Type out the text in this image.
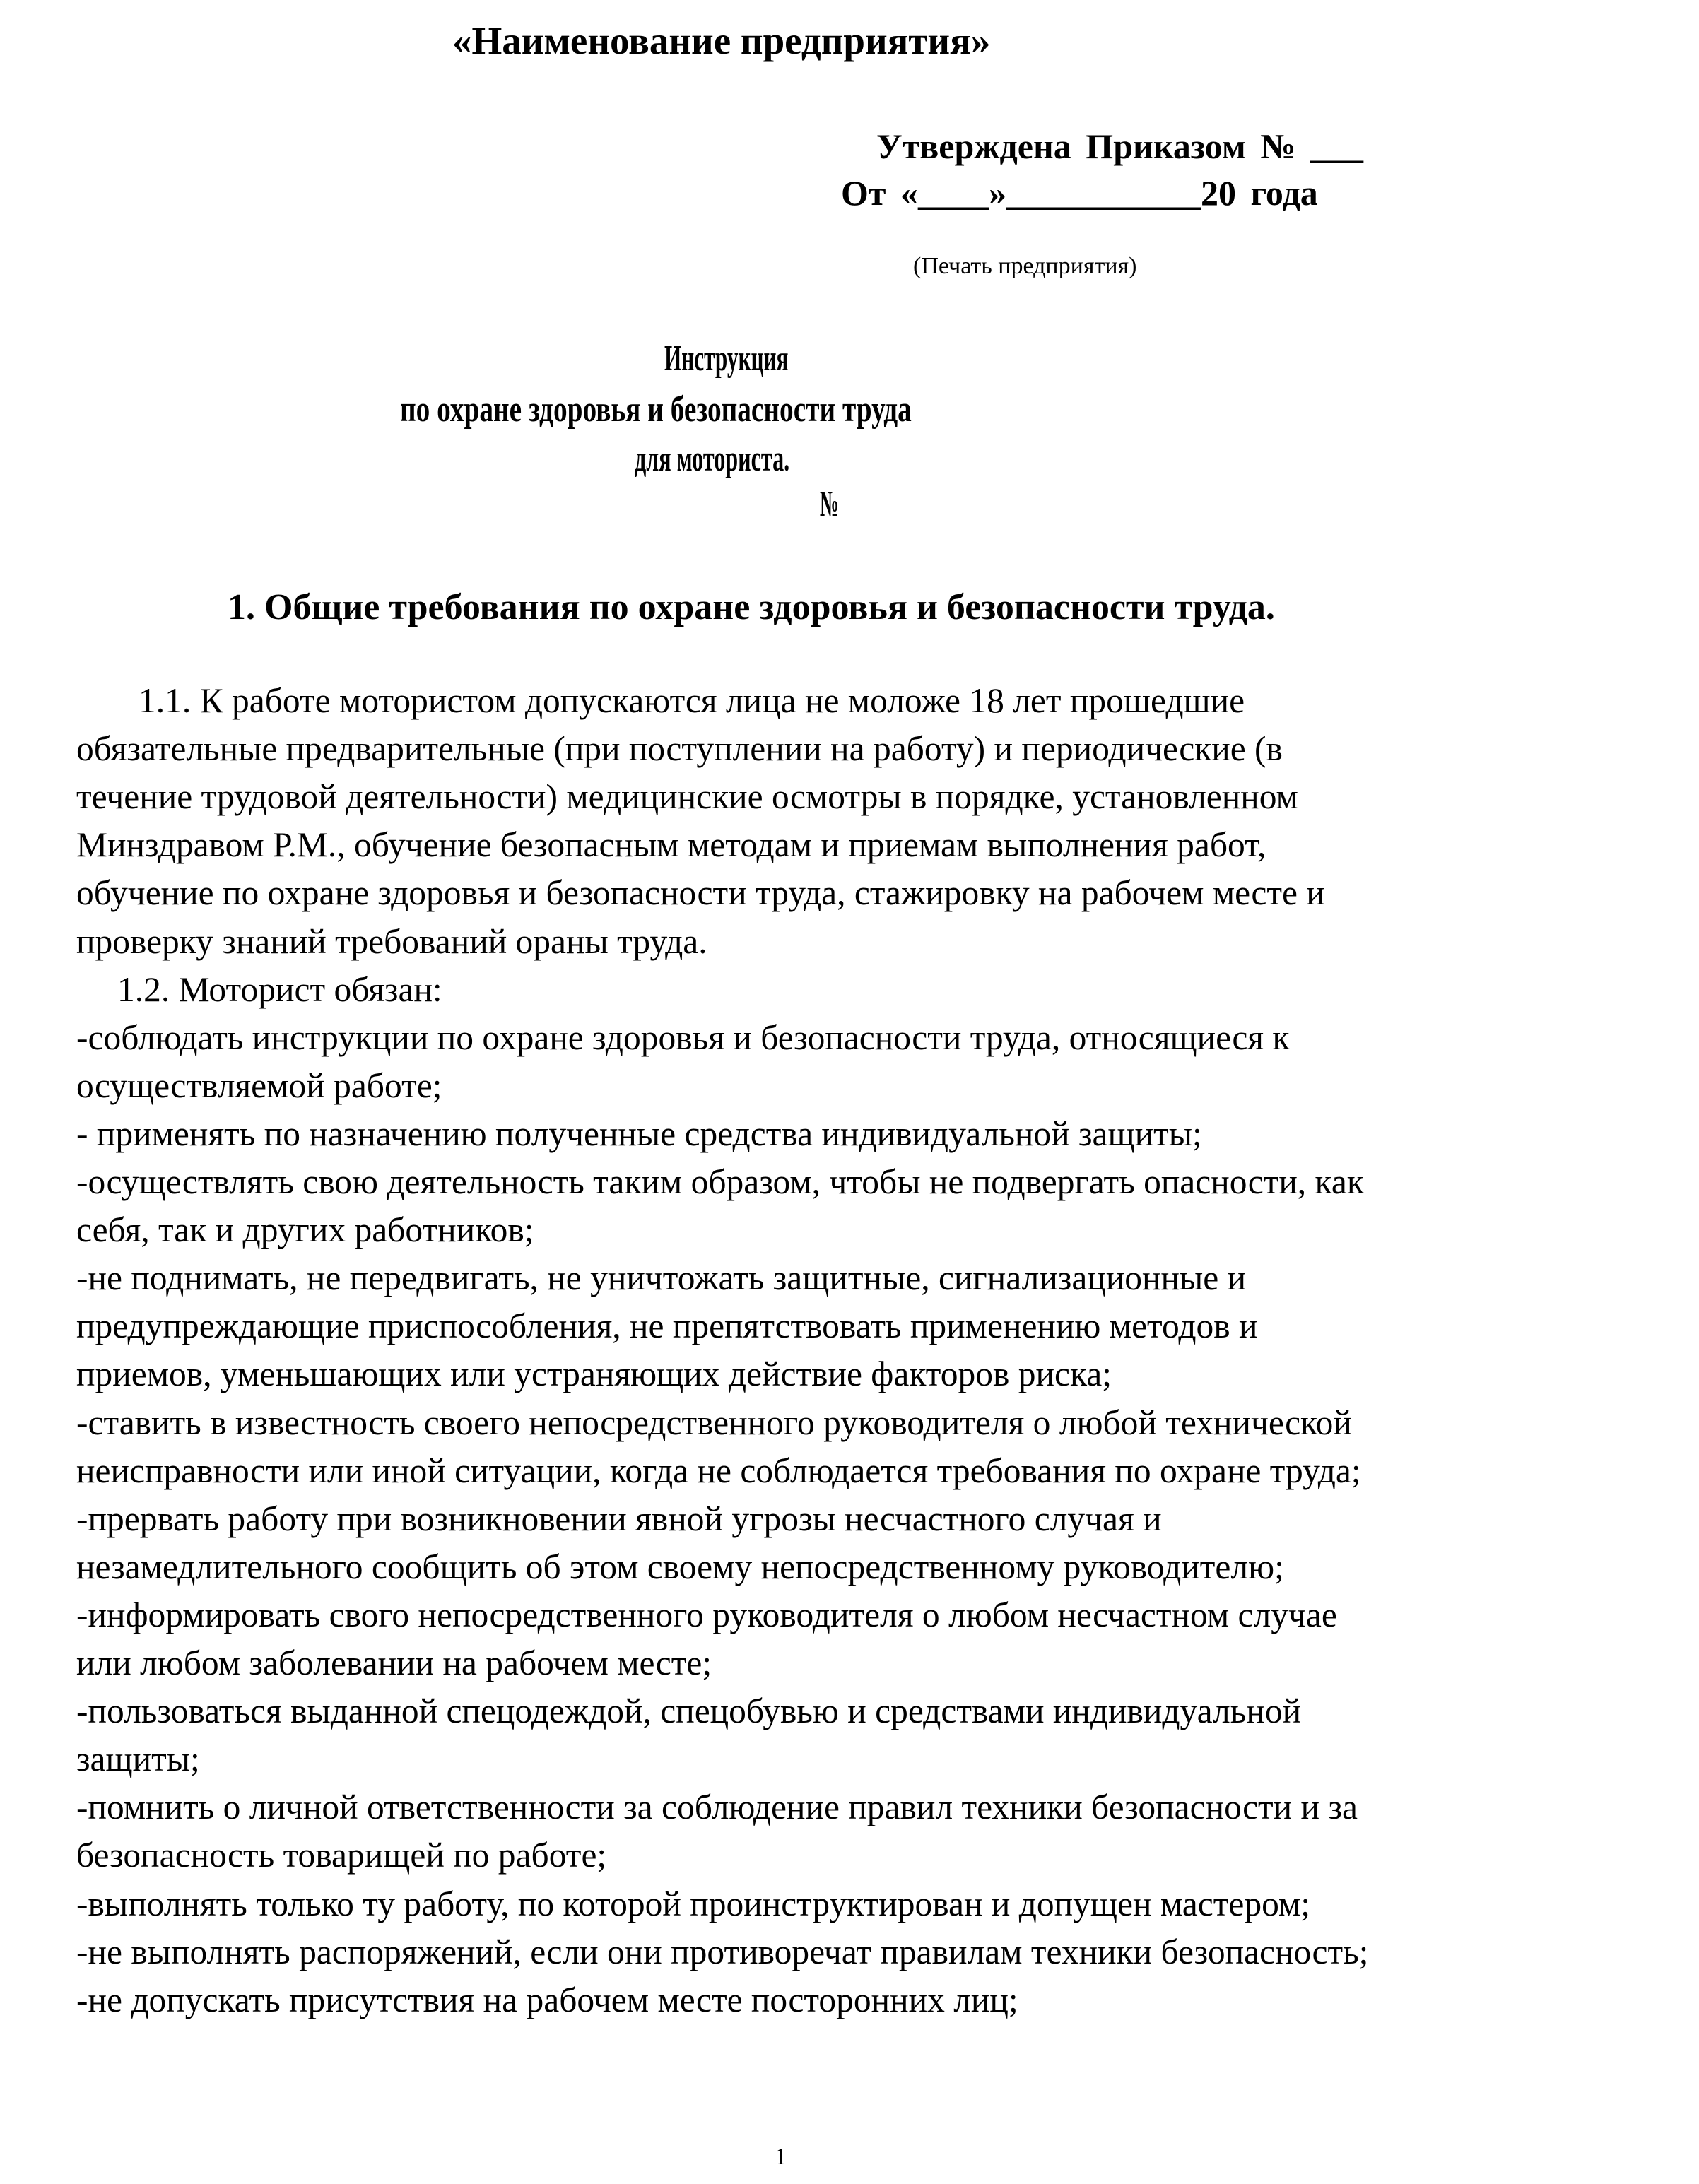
«Наименование предприятия»
Утверждена Приказом № ___
От «____»___________20 года
(Печать предприятия)
Инструкция
по охране здоровья и безопасности труда
для моториста.
№
1. Общие требования по охране здоровья и безопасности труда.
1.1. К работе мотористом допускаются лица не моложе 18 лет прошедшие
обязательные предварительные (при поступлении на работу) и периодические (в
течение трудовой деятельности) медицинские осмотры в порядке, установленном
Минздравом Р.М., обучение безопасным методам и приемам выполнения работ,
обучение по охране здоровья и безопасности труда, стажировку на рабочем месте и
проверку знаний требований ораны труда.
1.2. Моторист обязан:
-соблюдать инструкции по охране здоровья и безопасности труда, относящиеся к
осуществляемой работе;
- применять по назначению полученные средства индивидуальной защиты;
-осуществлять свою деятельность таким образом, чтобы не подвергать опасности, как
себя, так и других работников;
-не поднимать, не передвигать, не уничтожать защитные, сигнализационные и
предупреждающие приспособления, не препятствовать применению методов и
приемов, уменьшающих или устраняющих действие факторов риска;
-ставить в известность своего непосредственного руководителя о любой технической
неисправности или иной ситуации, когда не соблюдается требования по охране труда;
-прервать работу при возникновении явной угрозы несчастного случая и
незамедлительного сообщить об этом своему непосредственному руководителю;
-информировать свого непосредственного руководителя о любом несчастном случае
или любом заболевании на рабочем месте;
-пользоваться выданной спецодеждой, спецобувью и средствами индивидуальной
защиты;
-помнить о личной ответственности за соблюдение правил техники безопасности и за
безопасность товарищей по работе;
-выполнять только ту работу, по которой проинструктирован и допущен мастером;
-не выполнять распоряжений, если они противоречат правилам техники безопасность;
-не допускать присутствия на рабочем месте посторонних лиц;
1
